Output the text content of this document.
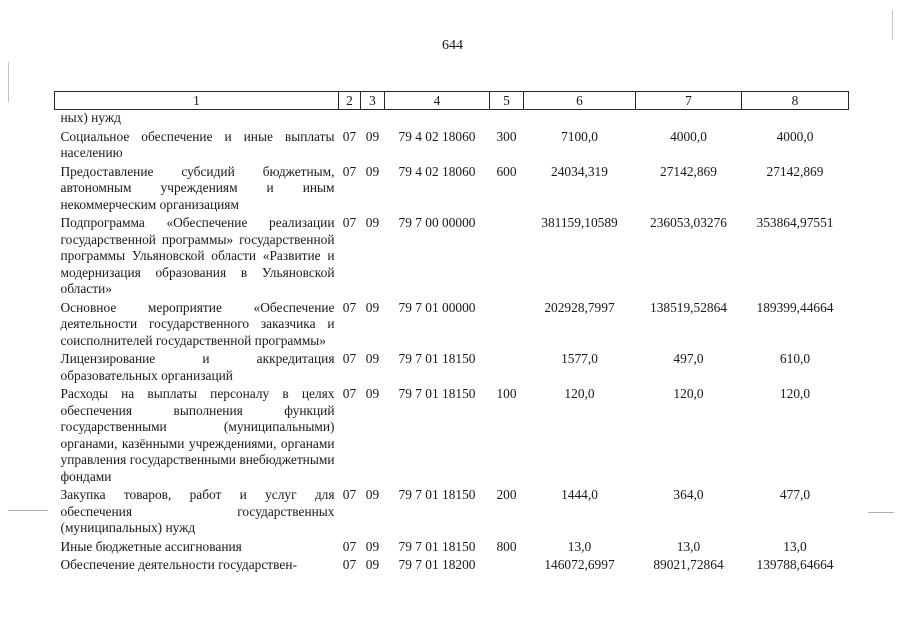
644
1	2	3	4	5	6	7	8
ных) нужд							
Социальное обеспечение и иные выплаты населению	07	09	79 4 02 18060	300	7100,0	4000,0	4000,0
Предоставление субсидий бюджетным, автономным учреждениям и иным некоммерческим организациям	07	09	79 4 02 18060	600	24034,319	27142,869	27142,869
Подпрограмма «Обеспечение реализации государственной программы» государственной программы Ульяновской области «Развитие и модернизация образования в Ульяновской области»	07	09	79 7 00 00000		381159,10589	236053,03276	353864,97551
Основное мероприятие «Обеспечение деятельности государственного заказчика и соисполнителей государственной программы»	07	09	79 7 01 00000		202928,7997	138519,52864	189399,44664
Лицензирование и аккредитация образовательных организаций	07	09	79 7 01 18150		1577,0	497,0	610,0
Расходы на выплаты персоналу в целях обеспечения выполнения функций государственными (муниципальными) органами, казёнными учреждениями, органами управления государственными внебюджетными фондами	07	09	79 7 01 18150	100	120,0	120,0	120,0
Закупка товаров, работ и услуг для обеспечения государственных (муниципальных) нужд	07	09	79 7 01 18150	200	1444,0	364,0	477,0
Иные бюджетные ассигнования	07	09	79 7 01 18150	800	13,0	13,0	13,0
Обеспечение деятельности государствен-	07	09	79 7 01 18200		146072,6997	89021,72864	139788,64664
